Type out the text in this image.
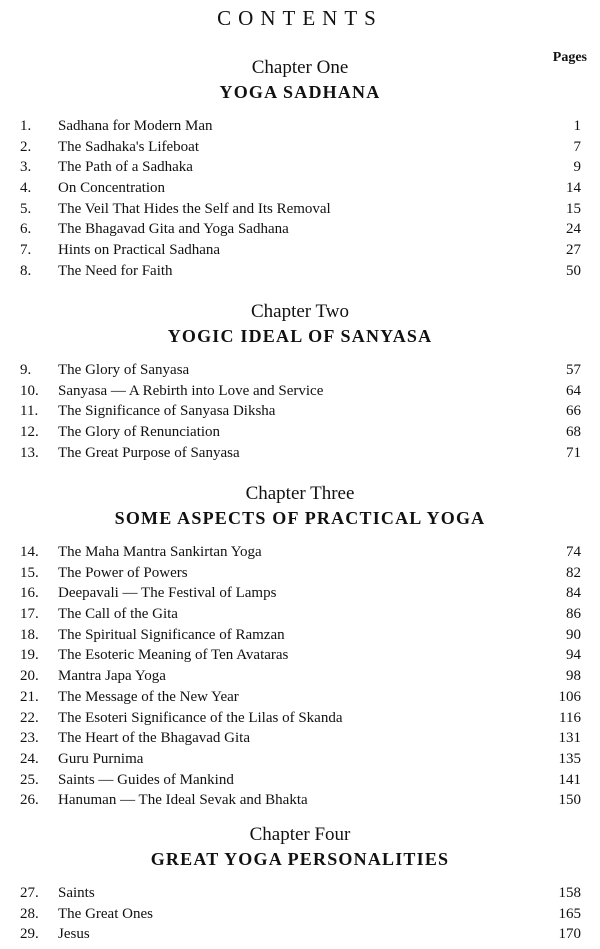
CONTENTS
Pages
Chapter One
YOGA SADHANA
1. Sadhana for Modern Man	1
2. The Sadhaka's Lifeboat	7
3. The Path of a Sadhaka	9
4. On Concentration	14
5. The Veil That Hides the Self and Its Removal	15
6. The Bhagavad Gita and Yoga Sadhana	24
7. Hints on Practical Sadhana	27
8. The Need for Faith	50
Chapter Two
YOGIC IDEAL OF SANYASA
9. The Glory of Sanyasa	57
10. Sanyasa — A Rebirth into Love and Service	64
11. The Significance of Sanyasa Diksha	66
12. The Glory of Renunciation	68
13. The Great Purpose of Sanyasa	71
Chapter Three
SOME ASPECTS OF PRACTICAL YOGA
14. The Maha Mantra Sankirtan Yoga	74
15. The Power of Powers	82
16. Deepavali — The Festival of Lamps	84
17. The Call of the Gita	86
18. The Spiritual Significance of Ramzan	90
19. The Esoteric Meaning of Ten Avataras	94
20. Mantra Japa Yoga	98
21. The Message of the New Year	106
22. The Esoteri Significance of the Lilas of Skanda	116
23. The Heart of the Bhagavad Gita	131
24. Guru Purnima	135
25. Saints — Guides of Mankind	141
26. Hanuman — The Ideal Sevak and Bhakta	150
Chapter Four
GREAT YOGA PERSONALITIES
27. Saints	158
28. The Great Ones	165
29. Jesus	170
